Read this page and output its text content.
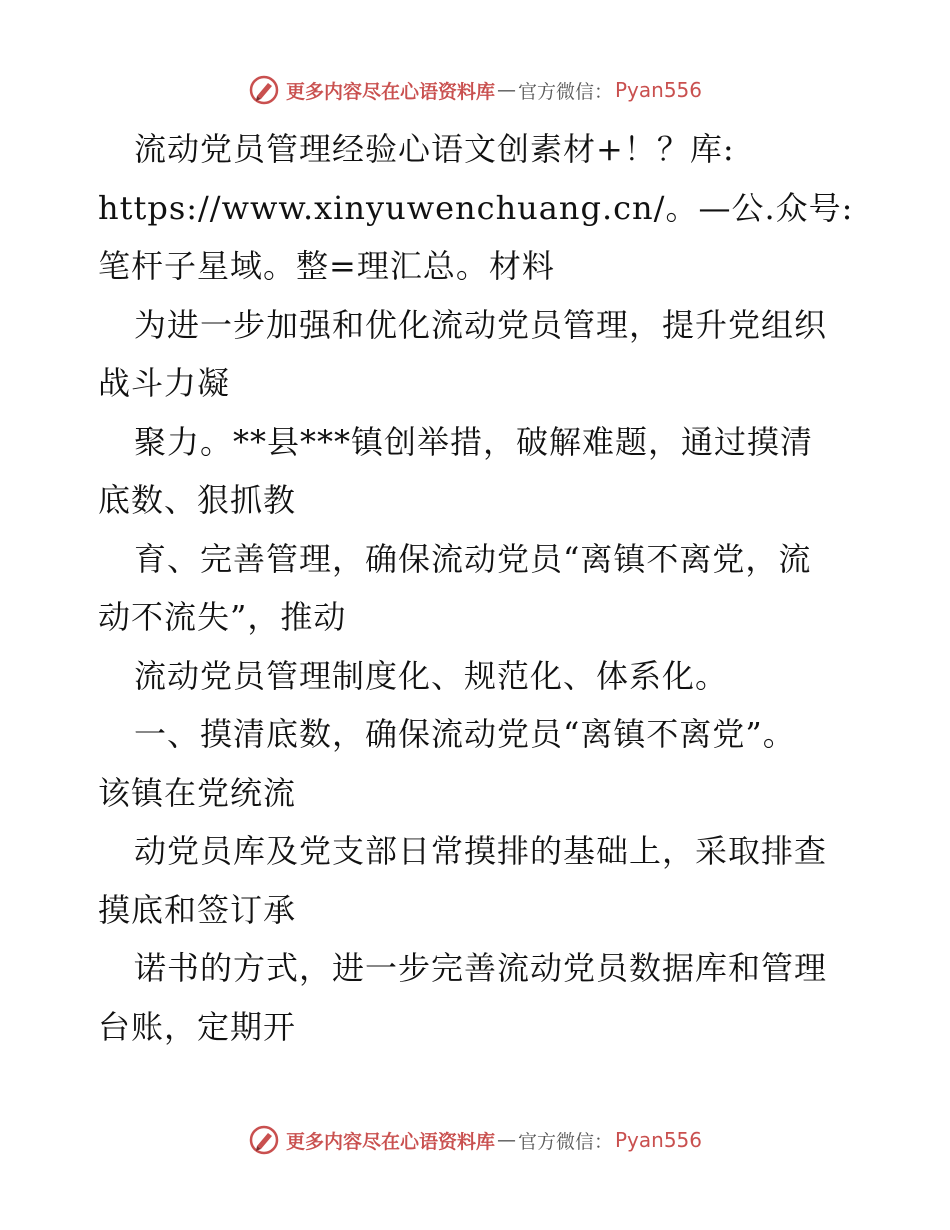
更多内容尽在心语资料库 — 官方微信： Pyan556
流动党员管理经验心语文创素材+！？库:
https://www.xinyuwenchuang.cn/。—公.众号:
笔杆子星域。整=理汇总。材料
为进一步加强和优化流动党员管理，提升党组织
战斗力凝
聚力。**县***镇创举措，破解难题，通过摸清
底数、狠抓教
育、完善管理，确保流动党员“离镇不离党，流
动不流失”，推动
流动党员管理制度化、规范化、体系化。
一、摸清底数，确保流动党员“离镇不离党”。
该镇在党统流
动党员库及党支部日常摸排的基础上，采取排查
摸底和签订承
诺书的方式，进一步完善流动党员数据库和管理
台账，定期开
更多内容尽在心语资料库 — 官方微信： Pyan556
